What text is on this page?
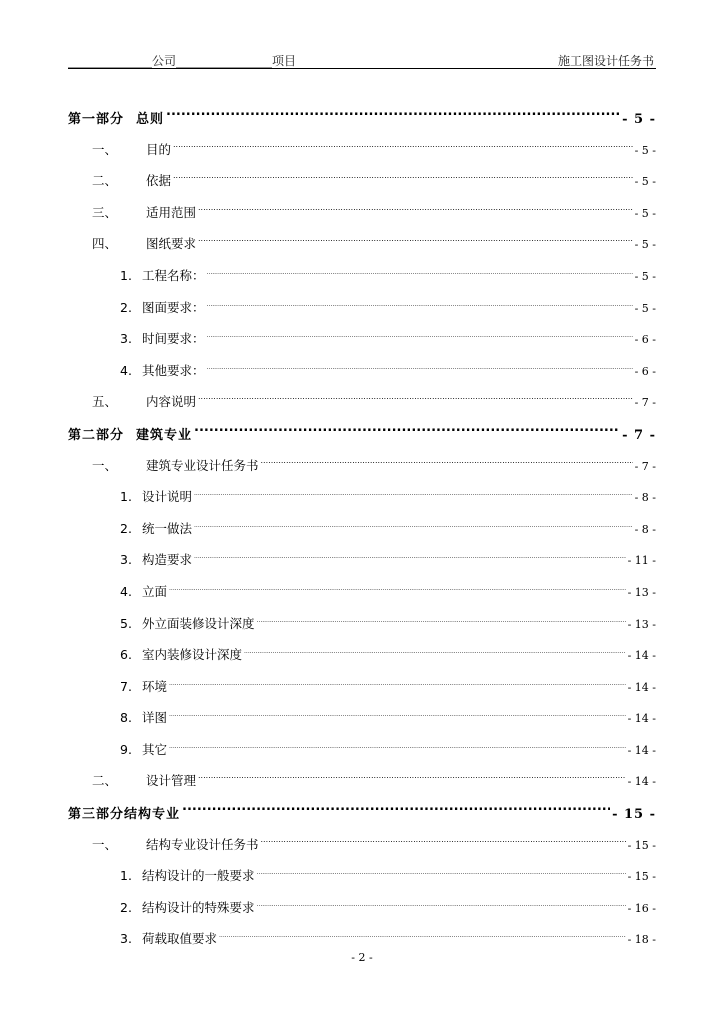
______________公司________________项目	施工图设计任务书
第一部分 总则 .....	- 5 -
一、 目的 .....	- 5 -
二、 依据 .....	- 5 -
三、 适用范围 .....	- 5 -
四、 图纸要求 .....	- 5 -
1. 工程名称： .....	- 5 -
2. 图面要求： .....	- 5 -
3. 时间要求： .....	- 6 -
4. 其他要求： .....	- 6 -
五、 内容说明 .....	- 7 -
第二部分 建筑专业 .....	- 7 -
一、 建筑专业设计任务书 .....	- 7 -
1. 设计说明 .....	- 8 -
2. 统一做法 .....	- 8 -
3. 构造要求 .....	- 11 -
4. 立面 .....	- 13 -
5. 外立面装修设计深度 .....	- 13 -
6. 室内装修设计深度 .....	- 14 -
7. 环境 .....	- 14 -
8. 详图 .....	- 14 -
9. 其它 .....	- 14 -
二、 设计管理 .....	- 14 -
第三部分结构专业 .....	- 15 -
一、 结构专业设计任务书 .....	- 15 -
1. 结构设计的一般要求 .....	- 15 -
2. 结构设计的特殊要求 .....	- 16 -
3. 荷载取值要求 .....	- 18 -
- 2 -
